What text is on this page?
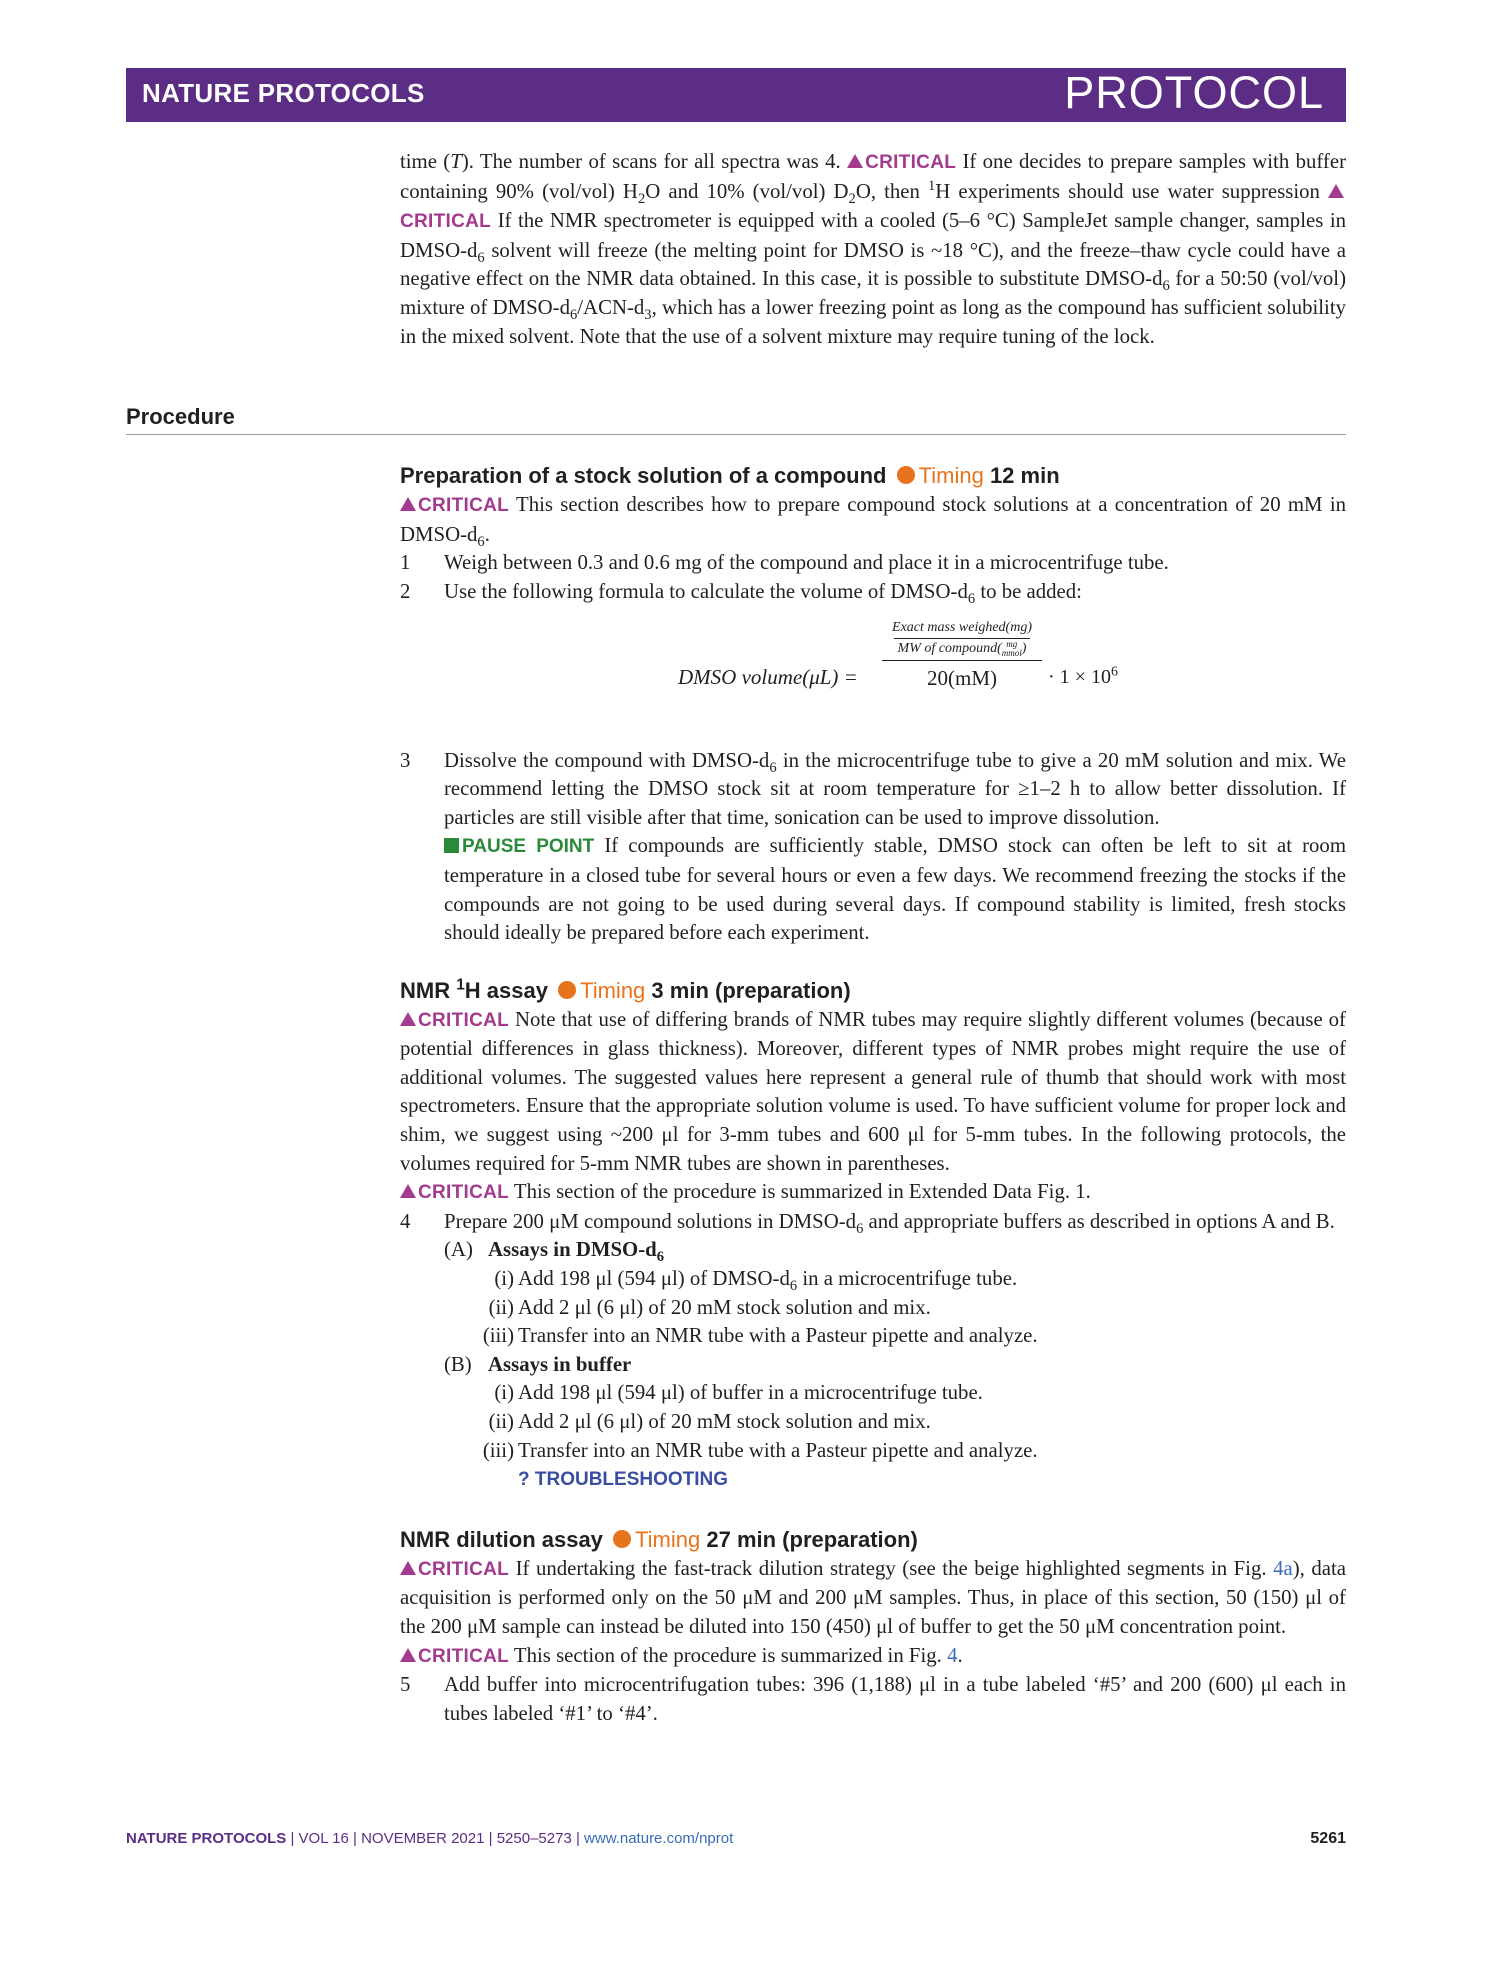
NATURE PROTOCOLS	PROTOCOL
Procedure

time (T). The number of scans for all spectra was 4. CRITICAL If one decides to prepare samples with buffer containing 90% (vol/vol) $H_2O$ and 10% (vol/vol) $D_2O$, then $^1$H experiments should use water suppression CRITICAL If the NMR spectrometer is equipped with a cooled (5–6 °C) SampleJet sample changer, samples in DMSO-$d_6$ solvent will freeze (the melting point for DMSO is ~18 °C), and the freeze–thaw cycle could have a negative effect on the NMR data obtained. In this case, it is possible to substitute DMSO-$d_6$ for a 50:50 (vol/vol) mixture of DMSO-$d_6/ACN-d_3$, which has a lower freezing point as long as the compound has sufficient solubility in the mixed solvent. Note that the use of a solvent mixture may require tuning of the lock.

Preparation of a stock solution of a compound Timing 12 min

CRITICAL This section describes how to prepare compound stock solutions at a concentration of 20 mM in DMSO-$d_6$.

1 Weigh between 0.3 and 0.6 mg of the compound and place it in a microcentrifuge tube.

2 Use the following formula to calculate the volume of DMSO-$d_6$ to be added:

DMSO volume(μL) =
Exact mass weighed(mg)
MW of compound( mg
mmol)
20(mM)	· $1 \times 10^6$

3 Dissolve the compound with DMSO-$d_6$ in the microcentrifuge tube to give a 20 mM solution and mix. We recommend letting the DMSO stock sit at room temperature for ≥1–2 h to allow better dissolution. If particles are still visible after that time, sonication can be used to improve dissolution.

PAUSE POINT If compounds are sufficiently stable, DMSO stock can often be left to sit at room temperature in a closed tube for several hours or even a few days. We recommend freezing the stocks if the compounds are not going to be used during several days. If compound stability is limited, fresh stocks should ideally be prepared before each experiment.

NMR $^1$H assay Timing 3 min (preparation)

CRITICAL Note that use of differing brands of NMR tubes may require slightly different volumes (because of potential differences in glass thickness). Moreover, different types of NMR probes might require the use of additional volumes. The suggested values here represent a general rule of thumb that should work with most spectrometers. Ensure that the appropriate solution volume is used. To have sufficient volume for proper lock and shim, we suggest using ~200 μl for 3-mm tubes and 600 μl for 5-mm tubes. In the following protocols, the volumes required for 5-mm NMR tubes are shown in parentheses.

CRITICAL This section of the procedure is summarized in Extended Data Fig. 1.

4 Prepare 200 μM compound solutions in DMSO-$d_6$ and appropriate buffers as described in options A and B.

(A) Assays in DMSO-$d_6$

(i) Add 198 μl (594 μl) of DMSO-$d_6$ in a microcentrifuge tube.

(ii) Add 2 μl (6 μl) of 20 mM stock solution and mix.

(iii) Transfer into an NMR tube with a Pasteur pipette and analyze.

(B) Assays in buffer

(i) Add 198 μl (594 μl) of buffer in a microcentrifuge tube.

(ii) Add 2 μl (6 μl) of 20 mM stock solution and mix.

(iii) Transfer into an NMR tube with a Pasteur pipette and analyze.

? TROUBLESHOOTING

NMR dilution assay Timing 27 min (preparation)

CRITICAL If undertaking the fast-track dilution strategy (see the beige highlighted segments in Fig. 4a), data acquisition is performed only on the 50 μM and 200 μM samples. Thus, in place of this section, 50 (150) μl of the 200 μM sample can instead be diluted into 150 (450) μl of buffer to get the 50 μM concentration point.

CRITICAL This section of the procedure is summarized in Fig. 4.

5 Add buffer into microcentrifugation tubes: 396 (1,188) μl in a tube labeled ‘#5’ and 200 (600) μl each in tubes labeled ‘#1’ to ‘#4’.

NATURE PROTOCOLS | VOL 16 | NOVEMBER 2021 | 5250–5273 | www.nature.com/nprot	5261
